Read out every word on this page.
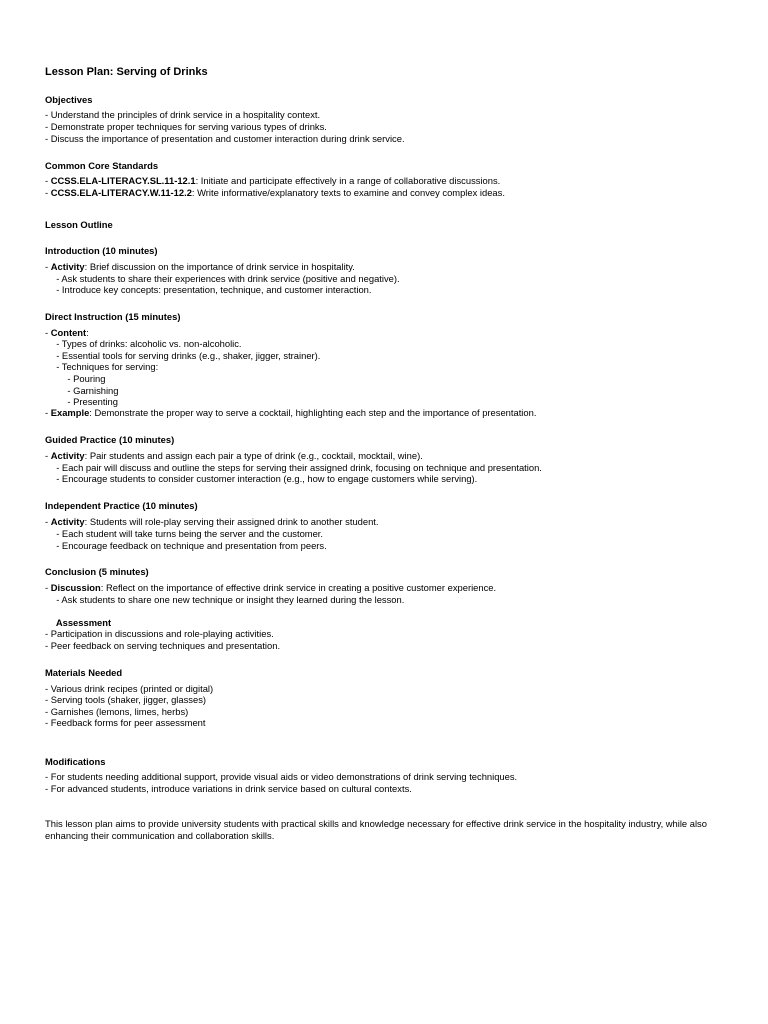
Lesson Plan: Serving of Drinks
Objectives
- Understand the principles of drink service in a hospitality context.
- Demonstrate proper techniques for serving various types of drinks.
- Discuss the importance of presentation and customer interaction during drink service.
Common Core Standards
- CCSS.ELA-LITERACY.SL.11-12.1: Initiate and participate effectively in a range of collaborative discussions.
- CCSS.ELA-LITERACY.W.11-12.2: Write informative/explanatory texts to examine and convey complex ideas.
Lesson Outline
Introduction (10 minutes)
- Activity: Brief discussion on the importance of drink service in hospitality.
- Ask students to share their experiences with drink service (positive and negative).
- Introduce key concepts: presentation, technique, and customer interaction.
Direct Instruction (15 minutes)
- Content:
- Types of drinks: alcoholic vs. non-alcoholic.
- Essential tools for serving drinks (e.g., shaker, jigger, strainer).
- Techniques for serving:
- Pouring
- Garnishing
- Presenting
- Example: Demonstrate the proper way to serve a cocktail, highlighting each step and the importance of presentation.
Guided Practice (10 minutes)
- Activity: Pair students and assign each pair a type of drink (e.g., cocktail, mocktail, wine).
- Each pair will discuss and outline the steps for serving their assigned drink, focusing on technique and presentation.
- Encourage students to consider customer interaction (e.g., how to engage customers while serving).
Independent Practice (10 minutes)
- Activity: Students will role-play serving their assigned drink to another student.
- Each student will take turns being the server and the customer.
- Encourage feedback on technique and presentation from peers.
Conclusion (5 minutes)
- Discussion: Reflect on the importance of effective drink service in creating a positive customer experience.
- Ask students to share one new technique or insight they learned during the lesson.
Assessment
- Participation in discussions and role-playing activities.
- Peer feedback on serving techniques and presentation.
Materials Needed
- Various drink recipes (printed or digital)
- Serving tools (shaker, jigger, glasses)
- Garnishes (lemons, limes, herbs)
- Feedback forms for peer assessment
Modifications
- For students needing additional support, provide visual aids or video demonstrations of drink serving techniques.
- For advanced students, introduce variations in drink service based on cultural contexts.
This lesson plan aims to provide university students with practical skills and knowledge necessary for effective drink service in the hospitality industry, while also enhancing their communication and collaboration skills.
